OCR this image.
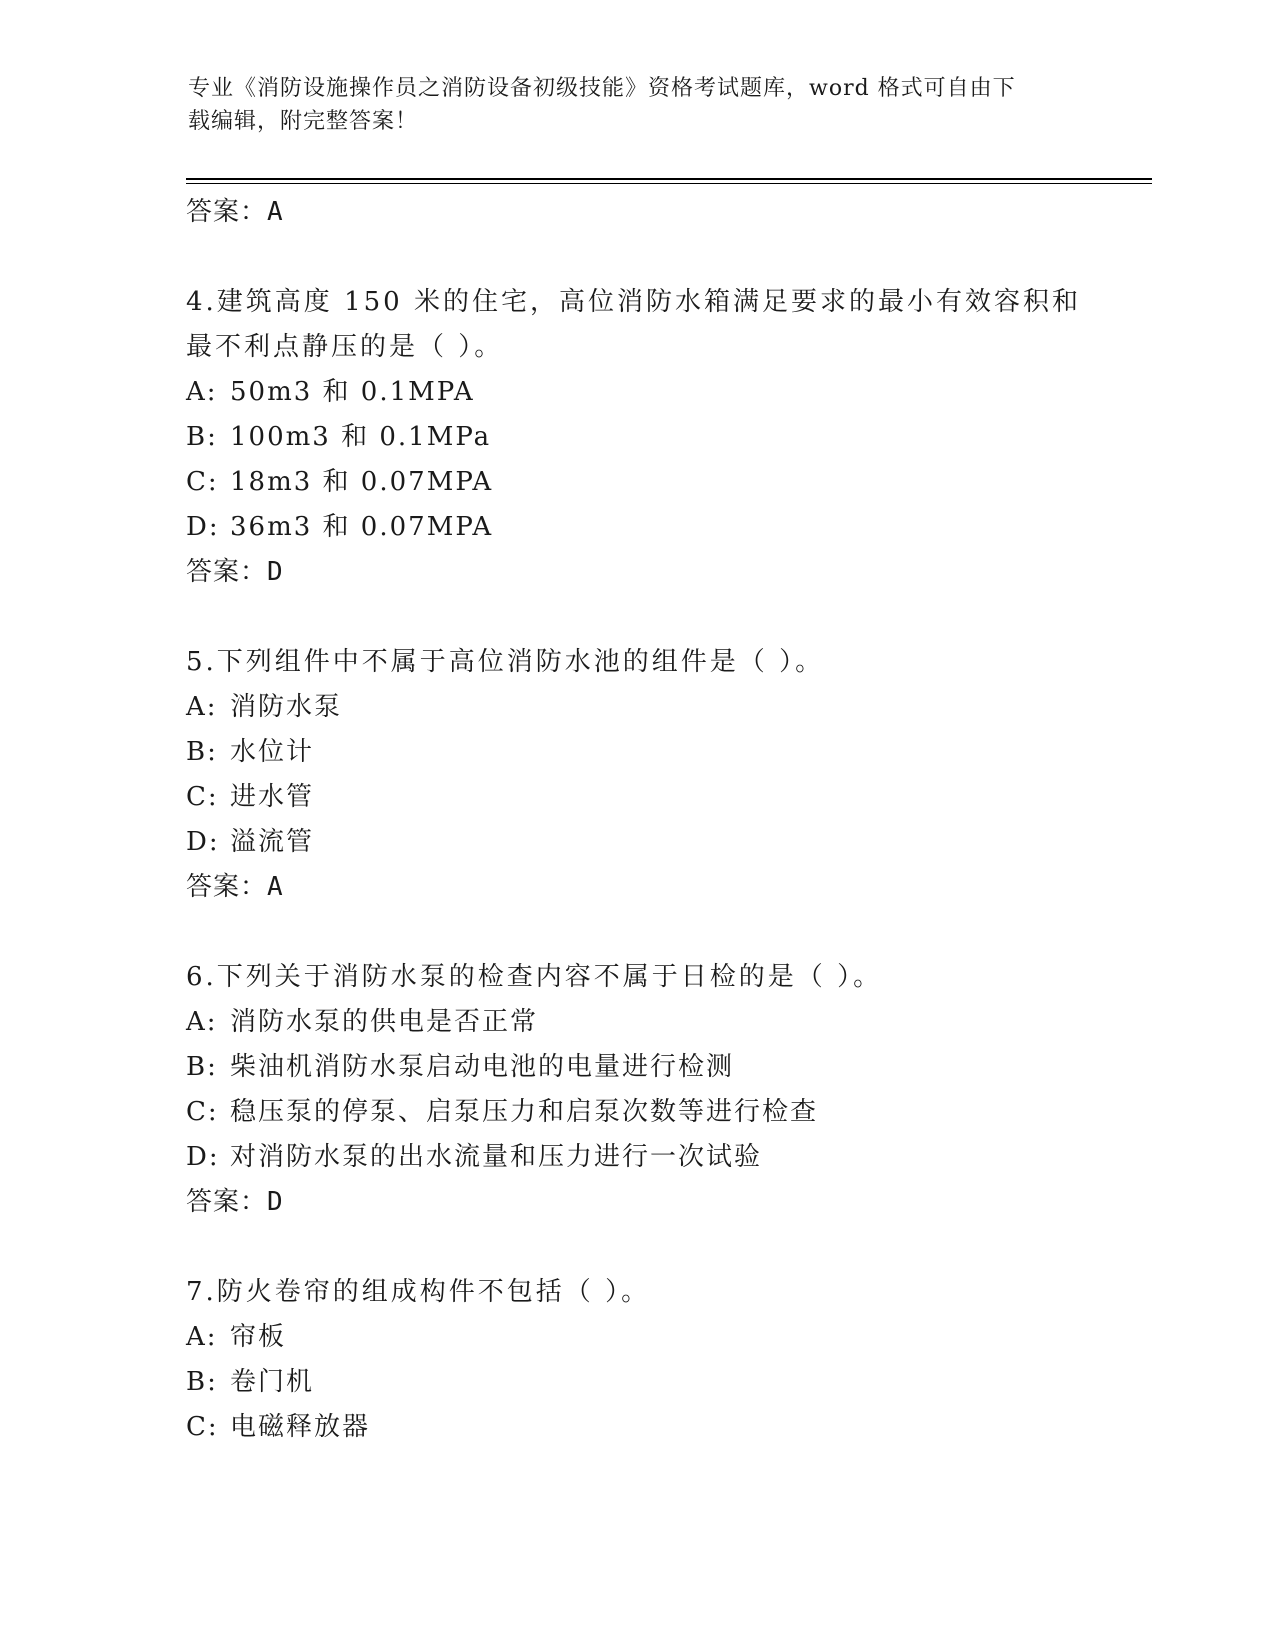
专业《消防设施操作员之消防设备初级技能》资格考试题库，word 格式可自由下
载编辑，附完整答案！

答案：A

4.建筑高度 150 米的住宅，高位消防水箱满足要求的最小有效容积和

最不利点静压的是（ ）。

A: 50m3 和 0.1MPA

B: 100m3 和 0.1MPa

C: 18m3 和 0.07MPA

D: 36m3 和 0.07MPA

答案：D

5.下列组件中不属于高位消防水池的组件是（ ）。

A: 消防水泵

B: 水位计

C: 进水管

D: 溢流管

答案：A

6.下列关于消防水泵的检查内容不属于日检的是（ ）。

A: 消防水泵的供电是否正常

B: 柴油机消防水泵启动电池的电量进行检测

C: 稳压泵的停泵、启泵压力和启泵次数等进行检查

D: 对消防水泵的出水流量和压力进行一次试验

答案：D

7.防火卷帘的组成构件不包括（ ）。

A: 帘板

B: 卷门机

C: 电磁释放器
